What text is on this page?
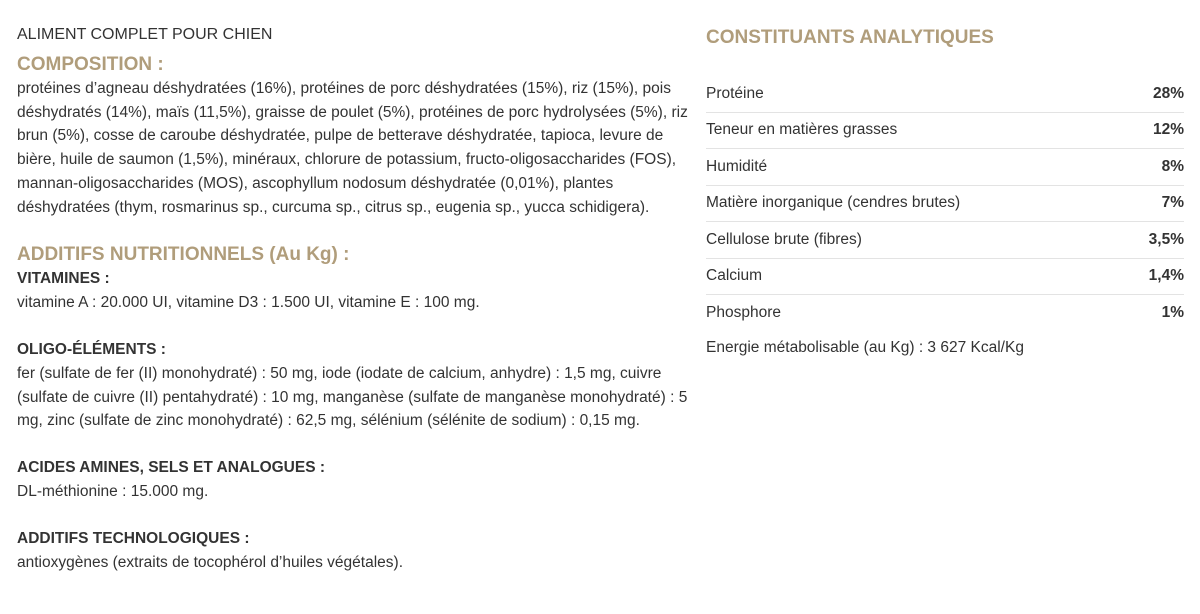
ALIMENT COMPLET POUR CHIEN

COMPOSITION :

protéines d’agneau déshydratées (16%), protéines de porc déshydratées (15%), riz (15%), pois déshydratés (14%), maïs (11,5%), graisse de poulet (5%), protéines de porc hydrolysées (5%), riz brun (5%), cosse de caroube déshydratée, pulpe de betterave déshydratée, tapioca, levure de bière, huile de saumon (1,5%), minéraux, chlorure de potassium, fructo-oligosaccharides (FOS), mannan-oligosaccharides (MOS), ascophyllum nodosum déshydratée (0,01%), plantes déshydratées (thym, rosmarinus sp., curcuma sp., citrus sp., eugenia sp., yucca schidigera).

ADDITIFS NUTRITIONNELS (Au Kg) :

VITAMINES :

vitamine A : 20.000 UI, vitamine D3 : 1.500 UI, vitamine E : 100 mg.

OLIGO-ÉLÉMENTS :

fer (sulfate de fer (II) monohydraté) : 50 mg, iode (iodate de calcium, anhydre) : 1,5 mg, cuivre (sulfate de cuivre (II) pentahydraté) : 10 mg, manganèse (sulfate de manganèse monohydraté) : 5 mg, zinc (sulfate de zinc monohydraté) : 62,5 mg, sélénium (sélénite de sodium) : 0,15 mg.

ACIDES AMINES, SELS ET ANALOGUES :

DL-méthionine : 15.000 mg.

ADDITIFS TECHNOLOGIQUES :

antioxygènes (extraits de tocophérol d’huiles végétales).

CONSTITUANTS ANALYTIQUES
Protéine	28%
Teneur en matières grasses	12%
Humidité	8%
Matière inorganique (cendres brutes)	7%
Cellulose brute (fibres)	3,5%
Calcium	1,4%
Phosphore	1%

Energie métabolisable (au Kg) : 3 627 Kcal/Kg
